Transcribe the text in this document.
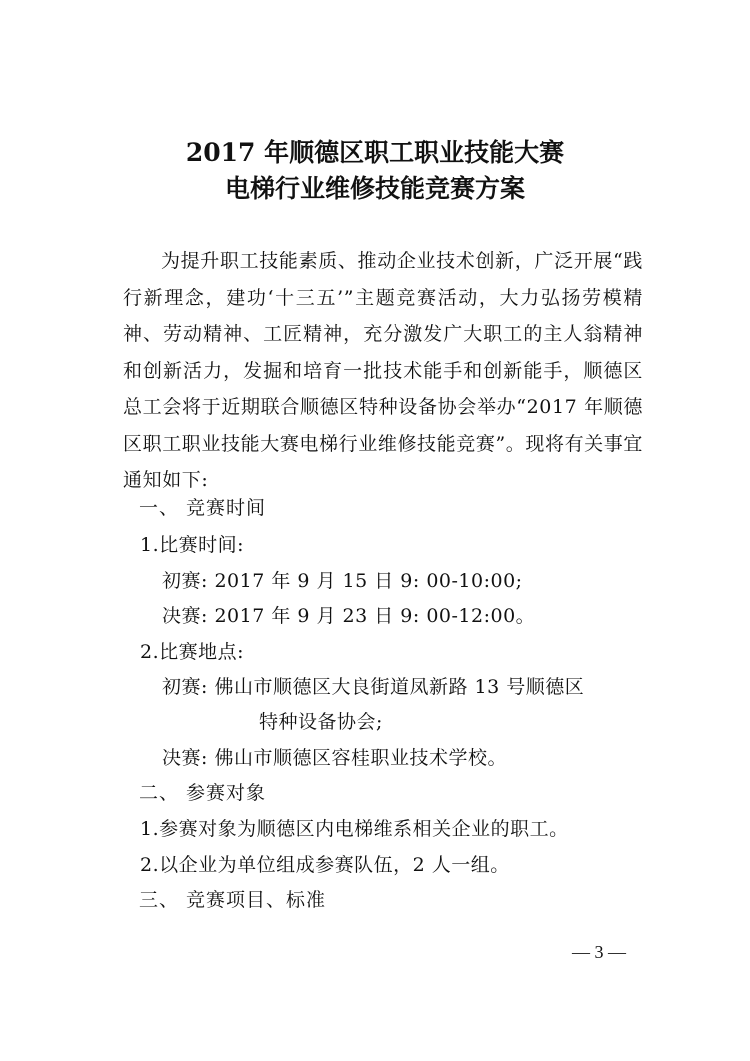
2017 年顺德区职工职业技能大赛
电梯行业维修技能竞赛方案
为提升职工技能素质、推动企业技术创新，广泛开展“践行新理念，建功‘十三五’”主题竞赛活动，大力弘扬劳模精神、劳动精神、工匠精神，充分激发广大职工的主人翁精神和创新活力，发掘和培育一批技术能手和创新能手，顺德区总工会将于近期联合顺德区特种设备协会举办“2017 年顺德区职工职业技能大赛电梯行业维修技能竞赛”。现将有关事宜通知如下:
一、 竞赛时间
1.比赛时间:
初赛: 2017 年 9 月 15 日 9: 00-10:00;
决赛: 2017 年 9 月 23 日 9: 00-12:00。
2.比赛地点:
初赛: 佛山市顺德区大良街道凤新路 13 号顺德区
特种设备协会;
决赛: 佛山市顺德区容桂职业技术学校。
二、 参赛对象
1.参赛对象为顺德区内电梯维系相关企业的职工。
2.以企业为单位组成参赛队伍，2 人一组。
三、 竞赛项目、标准
— 3 —
